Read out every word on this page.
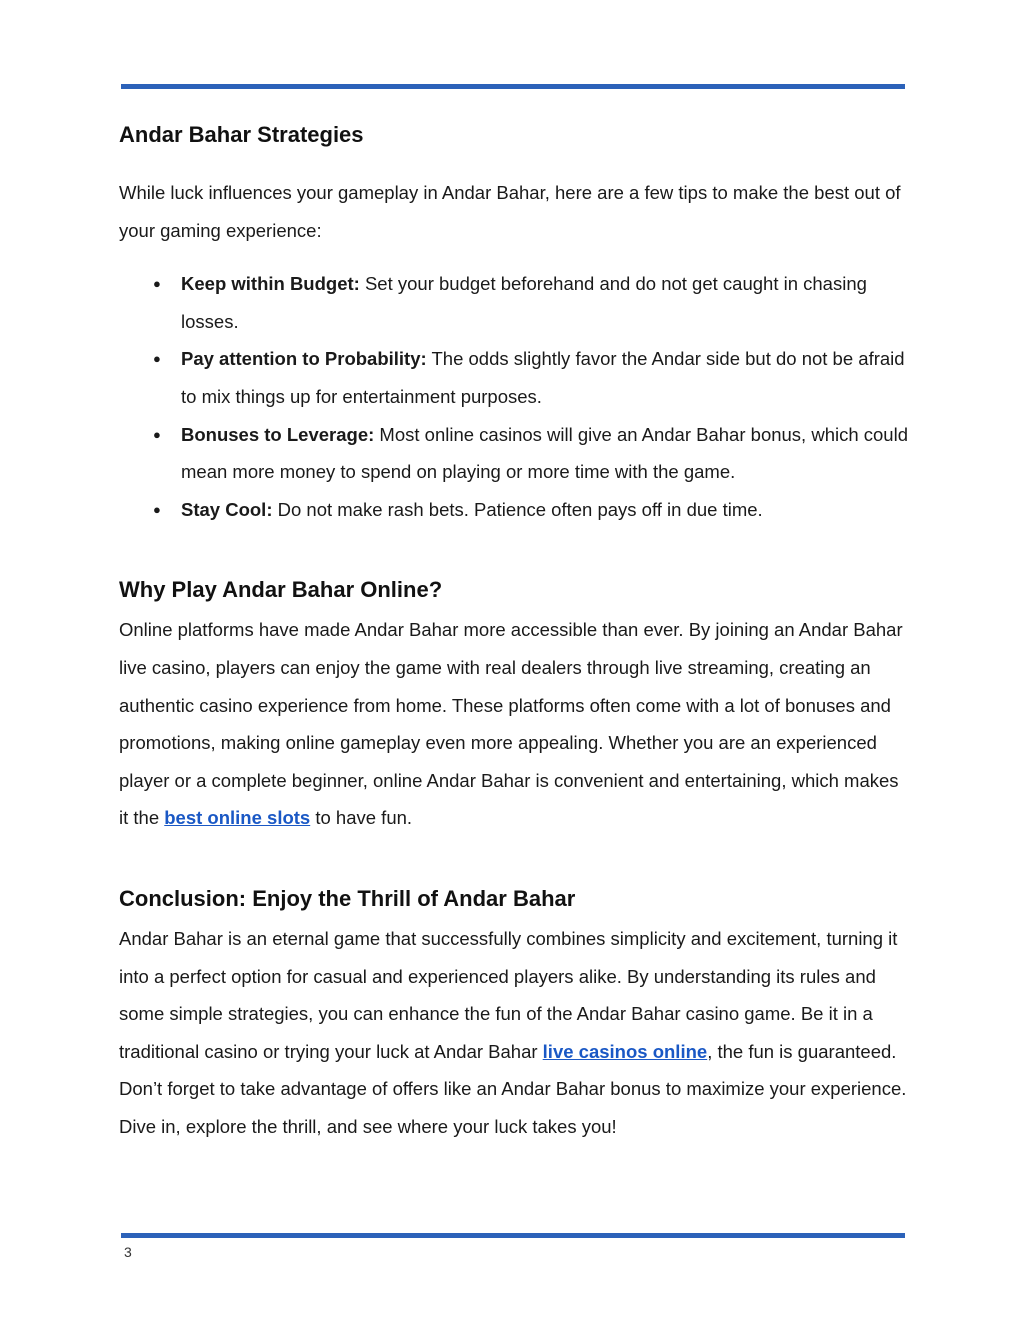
Andar Bahar Strategies

While luck influences your gameplay in Andar Bahar, here are a few tips to make the best out of your gaming experience:

● Keep within Budget: Set your budget beforehand and do not get caught in chasing losses.
● Pay attention to Probability: The odds slightly favor the Andar side but do not be afraid to mix things up for entertainment purposes.
● Bonuses to Leverage: Most online casinos will give an Andar Bahar bonus, which could mean more money to spend on playing or more time with the game.
● Stay Cool: Do not make rash bets. Patience often pays off in due time.
Why Play Andar Bahar Online?

Online platforms have made Andar Bahar more accessible than ever. By joining an Andar Bahar live casino, players can enjoy the game with real dealers through live streaming, creating an authentic casino experience from home. These platforms often come with a lot of bonuses and promotions, making online gameplay even more appealing. Whether you are an experienced player or a complete beginner, online Andar Bahar is convenient and entertaining, which makes it the best online slots to have fun.

Conclusion: Enjoy the Thrill of Andar Bahar

Andar Bahar is an eternal game that successfully combines simplicity and excitement, turning it into a perfect option for casual and experienced players alike. By understanding its rules and some simple strategies, you can enhance the fun of the Andar Bahar casino game. Be it in a traditional casino or trying your luck at Andar Bahar live casinos online, the fun is guaranteed. Don’t forget to take advantage of offers like an Andar Bahar bonus to maximize your experience. Dive in, explore the thrill, and see where your luck takes you!

3
